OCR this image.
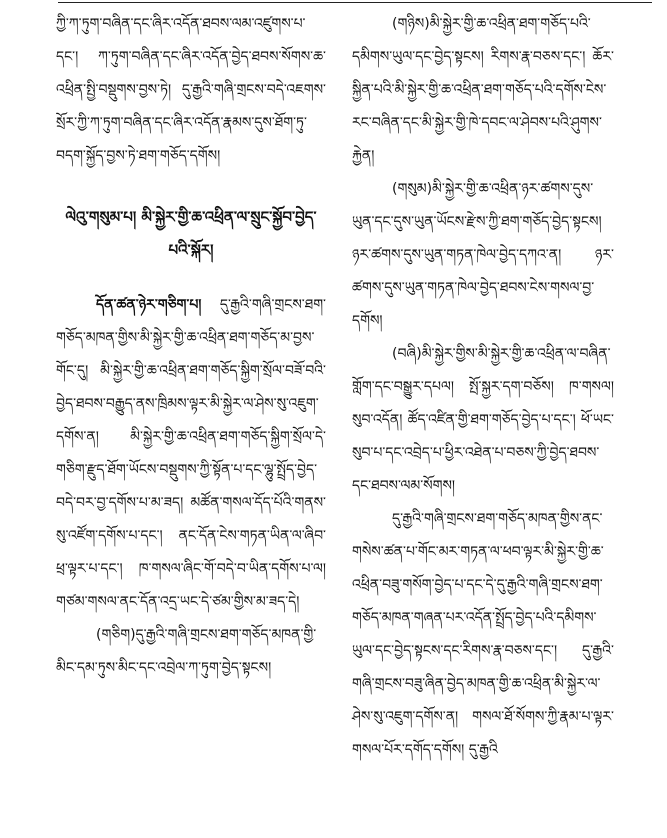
ཀྱི་ཀ་ཏུག་བཞིན་དང་ཞིར་འདོན་ཐབས་ལམ་འཛུགས་པ་དང་། ཀ་ཏུག་བཞིན་དང་ཞིར་འདོན་བྱེད་ཐབས་སོགས་ཆ་འཕྲིན་སྤྱི་བསྡུགས་བྱས་ཏེ། དུ་རྒྱའི་གཞི་གྲངས་བདེ་འཇགས་སྲོར་ཀྱི་ཀ་ཏུག་བཞིན་དང་ཞིར་འདོན་རྣམས་དུས་ཐོག་ཏུ་བདག་སྐྱོད་བྱས་ཏེ་ཐག་གཅོད་དགོས།

ལེའུ་གསུམ་པ། མི་སྐྱེར་གྱི་ཆ་འཕྲིན་ལ་སྲུང་སྐྱོབ་བྱེད་པའི་སྐོར།

དོན་ཚན་ཉེར་གཅིག་པ། དུ་རྒྱའི་གཞི་གྲངས་ཐག་གཅོད་མཁན་གྱིས་མི་སྐྱེར་གྱི་ཆ་འཕྲིན་ཐག་གཅོད་མ་བྱས་གོང་དུ། མི་སྐྱེར་གྱི་ཆ་འཕྲིན་ཐག་གཅོད་སྐྱིག་སྲོལ་བཟོ་བའི་བྱེད་ཐབས་བརྒྱུད་ནས་ཁྲིམས་ལྟར་མི་སྐྱེར་ལ་ཤེས་སུ་འཇུག་དགོས་ན། མི་སྐྱེར་གྱི་ཆ་འཕྲིན་ཐག་གཅོད་སྐྱིག་སྲོལ་དེ་གཅིག་རྫུད་ཐོག་ཡོངས་བསྡུགས་ཀྱི་སྟོན་པ་དང་ལྷུ་སྤྲོད་བྱེད་བདེ་བར་བྱ་དགོས་པ་མ་ཟད། མཚོན་གསལ་དོད་པོའི་གནས་སུ་འཛོག་དགོས་པ་དང་། ནང་དོན་ངེས་གཏན་ཡིན་ལ་ཞིབ་ཕྲ་ལྟར་པ་དང་། ཁ་གསལ་ཞིང་གོ་བདེ་བ་ཡིན་དགོས་པ་ལ། གཙམ་གསལ་ནང་དོན་འདྲ་ཡང་དེ་ཙམ་གྱིས་མ་ཟད་དེ།

(གཅིག)དུ་རྒྱའི་གཞི་གྲངས་ཐག་གཅོད་མཁན་གྱི་མིང་དམ་ཏུས་མིང་དང་འབྲེལ་ཀ་ཏུག་བྱེད་སྟངས།

(གཉིས)མི་སྐྱེར་གྱི་ཆ་འཕྲིན་ཐག་གཅོད་པའི་དམིགས་ཡུལ་དང་བྱེད་སྟངས། རིགས་རྣ་བཅས་དང་། ཆོར་སྐྱིན་པའི་མི་སྐྱེར་གྱི་ཆ་འཕྲིན་ཐག་གཅོད་པའི་དགོས་ངེས་རང་བཞིན་དང་མི་སྐྱེར་གྱི་ཁེ་དབང་ལ་ཤེབས་པའི་ཤུགས་རྐྱེན།

(གསུམ)མི་སྐྱེར་གྱི་ཆ་འཕྲིན་ཉར་ཚགས་དུས་ཡུན་དང་དུས་ཡུན་ཡོངས་རྫེས་ཀྱི་ཐག་གཅོད་བྱེད་སྟངས། ཉར་ཚགས་དུས་ཡུན་གཏན་ཁེལ་བྱེད་དཀའ་ན། ཉར་ཚགས་དུས་ཡུན་གཏན་ཁེལ་བྱེད་ཐབས་ངེས་གསལ་བྱ་དགོས།

(བཞི)མི་སྐྱེར་གྱིས་མི་སྐྱེར་གྱི་ཆ་འཕྲིན་ལ་བཞིན་གློག་དང་བསྒྱུར་དཔལ། སྤོ་སྐྱར་དག་བཅོས། ཁ་གསལ། སུབ་འདོན། ཚོད་འཛིན་གྱི་ཐག་གཅོད་བྱེད་པ་དང་། ཕོ་ཡང་སུབ་པ་དང་འབྲེད་པ་ཕྱིར་འཐེན་པ་བཅས་ཀྱི་བྱེད་ཐབས་དང་ཐབས་ལམ་སོགས།

དུ་རྒྱའི་གཞི་གྲངས་ཐག་གཅོད་མཁན་གྱིས་ནང་གསེས་ཚན་པ་གོང་མར་གཏན་ལ་ཕབ་ལྟར་མི་སྐྱེར་གྱི་ཆ་འཕྲིན་བཟུ་གསོག་བྱེད་པ་དང་དེ་དུ་རྒྱའི་གཞི་གྲངས་ཐག་གཅོད་མཁན་གཞན་པར་འདོན་སྤྲོད་བྱེད་པའི་དམིགས་ཡུལ་དང་བྱེད་སྟངས་དང་རིགས་རྣ་བཅས་དང་། དུ་རྒྱའི་གཞི་གྲངས་བཟུ་ཞིན་བྱེད་མཁན་གྱི་ཆ་འཕྲིན་མི་སྐྱེར་ལ་ཤེས་སུ་འཇུག་དགོས་ན། གསལ་ཐོ་སོགས་ཀྱི་རྣམ་པ་ལྟར་གསལ་པོར་དགོད་དགོས། དུ་རྒྱའི
